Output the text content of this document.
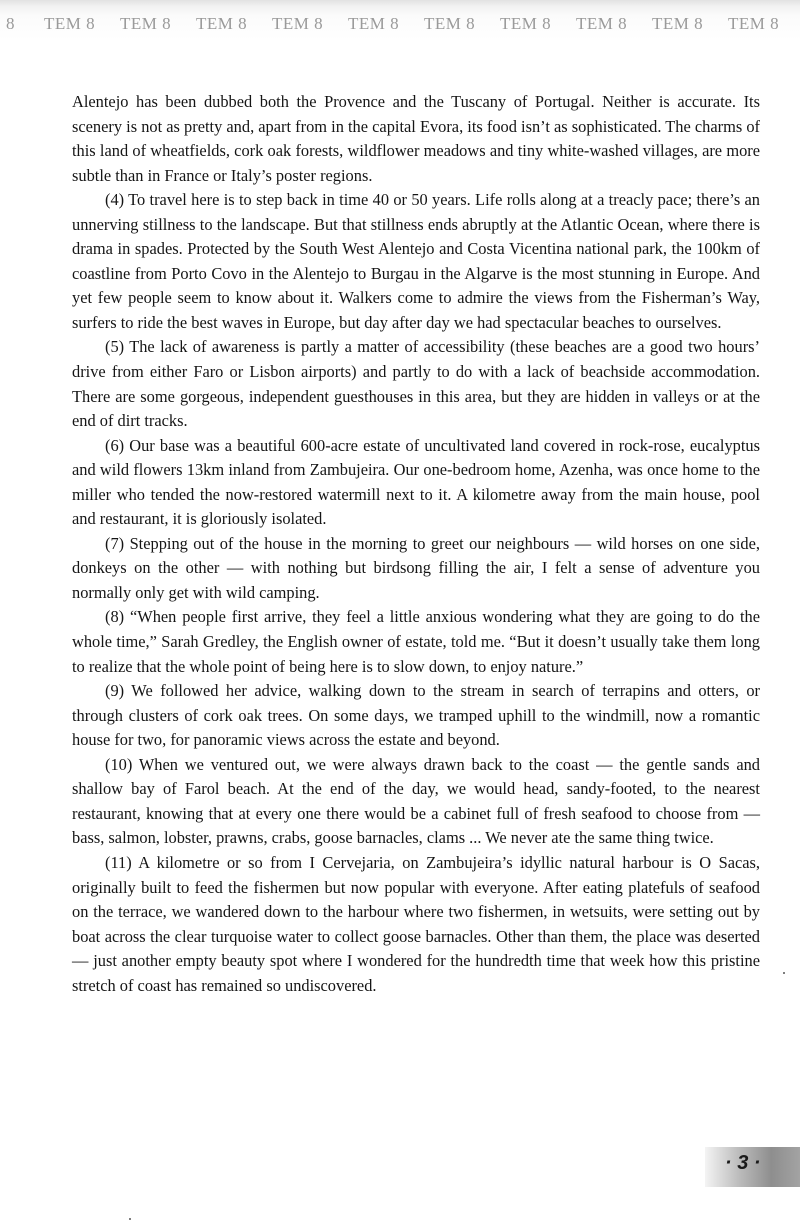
8 TEM 8 TEM 8 TEM 8 TEM 8 TEM 8 TEM 8 TEM 8 TEM 8 TEM 8 TEM 8

Alentejo has been dubbed both the Provence and the Tuscany of Portugal. Neither is accurate. Its scenery is not as pretty and, apart from in the capital Evora, its food isn’t as sophisticated. The charms of this land of wheatfields, cork oak forests, wildflower meadows and tiny white-washed villages, are more subtle than in France or Italy’s poster regions.

(4) To travel here is to step back in time 40 or 50 years. Life rolls along at a treacly pace; there’s an unnerving stillness to the landscape. But that stillness ends abruptly at the Atlantic Ocean, where there is drama in spades. Protected by the South West Alentejo and Costa Vicentina national park, the 100km of coastline from Porto Covo in the Alentejo to Burgau in the Algarve is the most stunning in Europe. And yet few people seem to know about it. Walkers come to admire the views from the Fisherman’s Way, surfers to ride the best waves in Europe, but day after day we had spectacular beaches to ourselves.

(5) The lack of awareness is partly a matter of accessibility (these beaches are a good two hours’ drive from either Faro or Lisbon airports) and partly to do with a lack of beachside accommodation. There are some gorgeous, independent guesthouses in this area, but they are hidden in valleys or at the end of dirt tracks.

(6) Our base was a beautiful 600-acre estate of uncultivated land covered in rock-rose, eucalyptus and wild flowers 13km inland from Zambujeira. Our one-bedroom home, Azenha, was once home to the miller who tended the now-restored watermill next to it. A kilometre away from the main house, pool and restaurant, it is gloriously isolated.

(7) Stepping out of the house in the morning to greet our neighbours — wild horses on one side, donkeys on the other — with nothing but birdsong filling the air, I felt a sense of adventure you normally only get with wild camping.

(8) “When people first arrive, they feel a little anxious wondering what they are going to do the whole time,” Sarah Gredley, the English owner of estate, told me. “But it doesn’t usually take them long to realize that the whole point of being here is to slow down, to enjoy nature.”

(9) We followed her advice, walking down to the stream in search of terrapins and otters, or through clusters of cork oak trees. On some days, we tramped uphill to the windmill, now a romantic house for two, for panoramic views across the estate and beyond.

(10) When we ventured out, we were always drawn back to the coast — the gentle sands and shallow bay of Farol beach. At the end of the day, we would head, sandy-footed, to the nearest restaurant, knowing that at every one there would be a cabinet full of fresh seafood to choose from — bass, salmon, lobster, prawns, crabs, goose barnacles, clams ... We never ate the same thing twice.

(11) A kilometre or so from I Cervejaria, on Zambujeira’s idyllic natural harbour is O Sacas, originally built to feed the fishermen but now popular with everyone. After eating platefuls of seafood on the terrace, we wandered down to the harbour where two fishermen, in wetsuits, were setting out by boat across the clear turquoise water to collect goose barnacles. Other than them, the place was deserted — just another empty beauty spot where I wondered for the hundredth time that week how this pristine stretch of coast has remained so undiscovered.

· 3 ·
